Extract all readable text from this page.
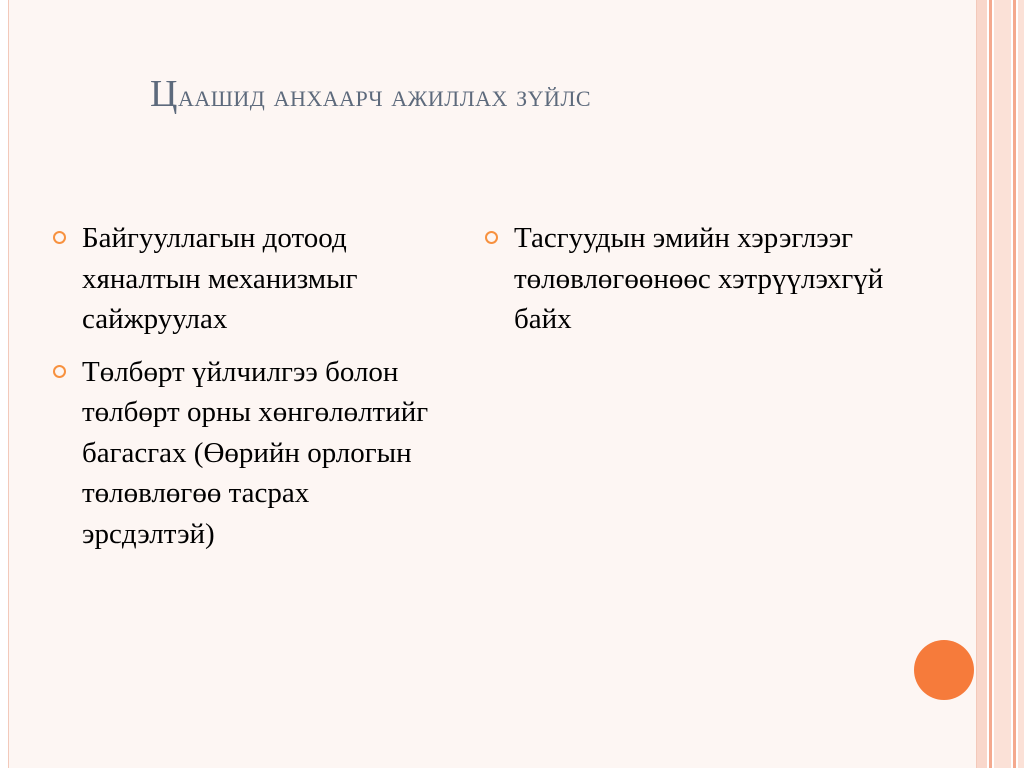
Цаашид анхаарч ажиллах зүйлс
Байгууллагын дотоод хяналтын механизмыг сайжруулах
Төлбөрт үйлчилгээ болон төлбөрт орны хөнгөлөлтийг багасгах (Өөрийн орлогын төлөвлөгөө тасрах эрсдэлтэй)
Тасгуудын эмийн хэрэглээг төлөвлөгөөнөөс хэтрүүлэхгүй байх
